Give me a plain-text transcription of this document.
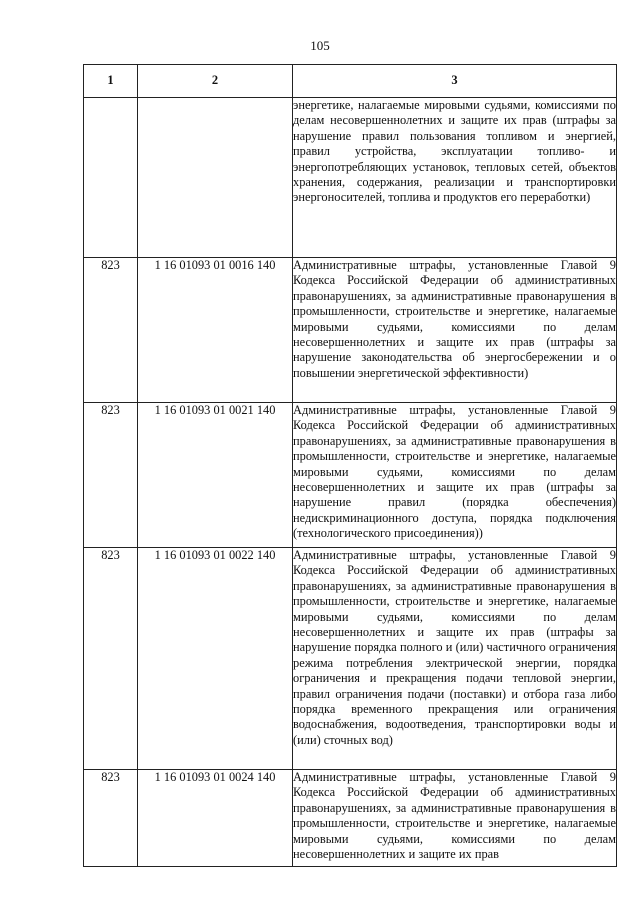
105
1	2	3
		энергетике, налагаемые мировыми судьями, комиссиями по делам несовершеннолетних и защите их прав (штрафы за нарушение правил пользования топливом и энергией, правил устройства, эксплуатации топливо- и энергопотребляющих установок, тепловых сетей, объектов хранения, содержания, реализации и транспортировки энергоносителей, топлива и продуктов его переработки)
823	1 16 01093 01 0016 140	Административные штрафы, установленные Главой 9 Кодекса Российской Федерации об административных правонарушениях, за административные правонарушения в промышленности, строительстве и энергетике, налагаемые мировыми судьями, комиссиями по делам несовершеннолетних и защите их прав (штрафы за нарушение законодательства об энергосбережении и о повышении энергетической эффективности)
823	1 16 01093 01 0021 140	Административные штрафы, установленные Главой 9 Кодекса Российской Федерации об административных правонарушениях, за административные правонарушения в промышленности, строительстве и энергетике, налагаемые мировыми судьями, комиссиями по делам несовершеннолетних и защите их прав (штрафы за нарушение правил (порядка обеспечения) недискриминационного доступа, порядка подключения (технологического присоединения))
823	1 16 01093 01 0022 140	Административные штрафы, установленные Главой 9 Кодекса Российской Федерации об административных правонарушениях, за административные правонарушения в промышленности, строительстве и энергетике, налагаемые мировыми судьями, комиссиями по делам несовершеннолетних и защите их прав (штрафы за нарушение порядка полного и (или) частичного ограничения режима потребления электрической энергии, порядка ограничения и прекращения подачи тепловой энергии, правил ограничения подачи (поставки) и отбора газа либо порядка временного прекращения или ограничения водоснабжения, водоотведения, транспортировки воды и (или) сточных вод)
823	1 16 01093 01 0024 140	Административные штрафы, установленные Главой 9 Кодекса Российской Федерации об административных правонарушениях, за административные правонарушения в промышленности, строительстве и энергетике, налагаемые мировыми судьями, комиссиями по делам несовершеннолетних и защите их прав
